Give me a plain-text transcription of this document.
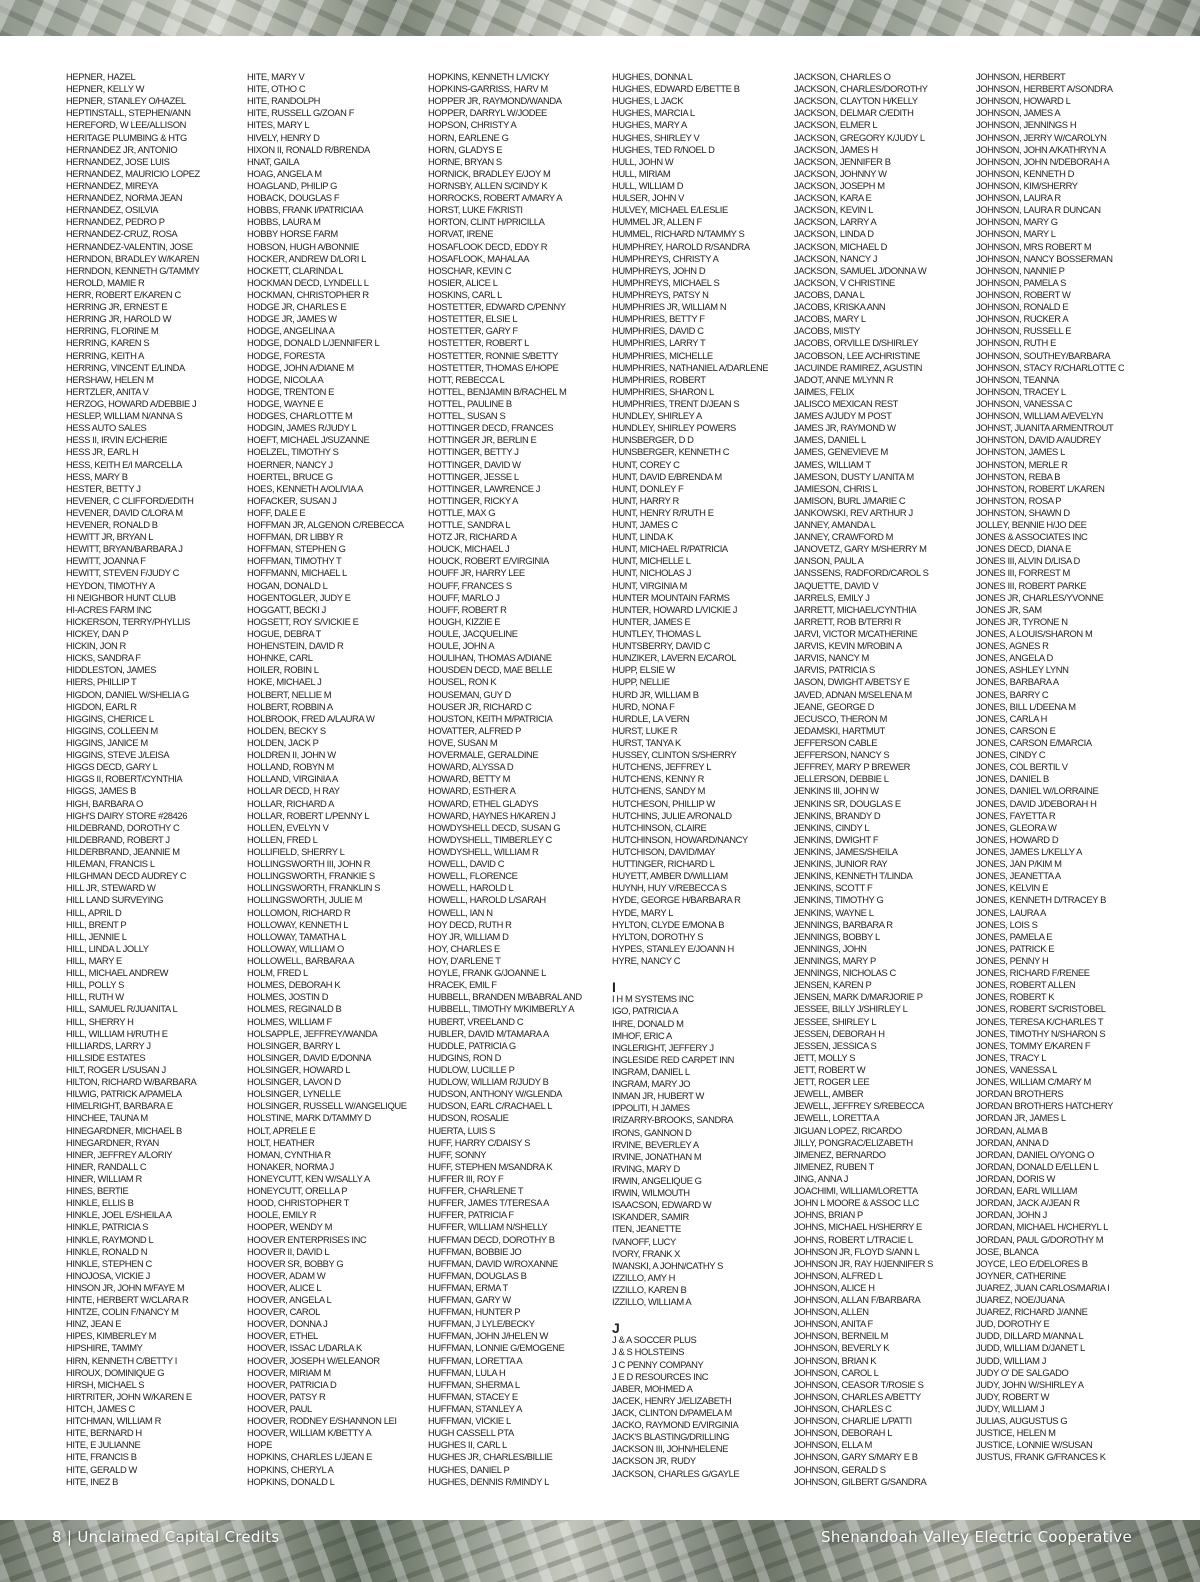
HEPNER, HAZEL
HEPNER, KELLY W
HEPNER, STANLEY O/HAZEL
HEPTINSTALL, STEPHEN/ANN
HEREFORD, W LEE/ALLISON
HERITAGE PLUMBING & HTG
HERNANDEZ JR, ANTONIO
HERNANDEZ, JOSE LUIS
HERNANDEZ, MAURICIO LOPEZ
HERNANDEZ, MIREYA
HERNANDEZ, NORMA JEAN
HERNANDEZ, OSILVIA
HERNANDEZ, PEDRO P
HERNANDEZ-CRUZ, ROSA
HERNANDEZ-VALENTIN, JOSE
HERNDON, BRADLEY W/KAREN
HERNDON, KENNETH G/TAMMY
HEROLD, MAMIE R
HERR, ROBERT E/KAREN C
HERRING JR, ERNEST E
HERRING JR, HAROLD W
HERRING, FLORINE M
HERRING, KAREN S
HERRING, KEITH A
HERRING, VINCENT E/LINDA
HERSHAW, HELEN M
HERTZLER, ANITA V
HERZOG, HOWARD A/DEBBIE J
HESLEP, WILLIAM N/ANNA S
HESS AUTO SALES
HESS II, IRVIN E/CHERIE
HESS JR, EARL H
HESS, KEITH E/I MARCELLA
HESS, MARY B
HESTER, BETTY J
HEVENER, C CLIFFORD/EDITH
HEVENER, DAVID C/LORA M
HEVENER, RONALD B
HEWITT JR, BRYAN L
HEWITT, BRYAN/BARBARA J
HEWITT, JOANNA F
HEWITT, STEVEN F/JUDY C
HEYDON, TIMOTHY A
HI NEIGHBOR HUNT CLUB
HI-ACRES FARM INC
HICKERSON, TERRY/PHYLLIS
HICKEY, DAN P
HICKIN, JON R
HICKS, SANDRA F
HIDDLESTON, JAMES
HIERS, PHILLIP T
HIGDON, DANIEL W/SHELIA G
HIGDON, EARL R
HIGGINS, CHERICE L
HIGGINS, COLLEEN M
HIGGINS, JANICE M
HIGGINS, STEVE J/LEISA
HIGGS DECD, GARY L
HIGGS II, ROBERT/CYNTHIA
HIGGS, JAMES B
HIGH, BARBARA O
HIGH'S DAIRY STORE #28426
HILDEBRAND, DOROTHY C
HILDEBRAND, ROBERT J
HILDERBRAND, JEANNIE M
HILEMAN, FRANCIS L
HILGHMAN DECD AUDREY C
HILL JR, STEWARD W
HILL LAND SURVEYING
HILL, APRIL D
HILL, BRENT P
HILL, JENNIE L
HILL, LINDA L JOLLY
HILL, MARY E
HILL, MICHAEL ANDREW
HILL, POLLY S
HILL, RUTH W
HILL, SAMUEL R/JUANITA L
HILL, SHERRY H
HILL, WILLIAM H/RUTH E
HILLIARDS, LARRY J
HILLSIDE ESTATES
HILT, ROGER L/SUSAN J
HILTON, RICHARD W/BARBARA
HILWIG, PATRICK A/PAMELA
HIMELRIGHT, BARBARA E
HINCHEE, TAUNA M
HINEGARDNER, MICHAEL B
HINEGARDNER, RYAN
HINER, JEFFREY A/LORIY
HINER, RANDALL C
HINER, WILLIAM R
HINES, BERTIE
HINKLE, ELLIS B
HINKLE, JOEL E/SHEILA A
HINKLE, PATRICIA S
HINKLE, RAYMOND L
HINKLE, RONALD N
HINKLE, STEPHEN C
HINOJOSA, VICKIE J
HINSON JR, JOHN M/FAYE M
HINTE, HERBERT W/CLARA R
HINTZE, COLIN F/NANCY M
HINZ, JEAN E
HIPES, KIMBERLEY M
HIPSHIRE, TAMMY
HIRN, KENNETH C/BETTY I
HIROUX, DOMINIQUE G
HIRSH, MICHAEL S
HIRTRITER, JOHN W/KAREN E
HITCH, JAMES C
HITCHMAN, WILLIAM R
HITE, BERNARD H
HITE, E JULIANNE
HITE, FRANCIS B
HITE, GERALD W
HITE, INEZ B
HITE, MARY V
HITE, OTHO C
HITE, RANDOLPH
HITE, RUSSELL G/ZOAN F
HITES, MARY L
HIVELY, HENRY D
HIXON II, RONALD R/BRENDA
HNAT, GAILA
HOAG, ANGELA M
HOAGLAND, PHILIP G
HOBACK, DOUGLAS F
HOBBS, FRANK I/PATRICIAA
HOBBS, LAURA M
HOBBY HORSE FARM
HOBSON, HUGH A/BONNIE
HOCKER, ANDREW D/LORI L
HOCKETT, CLARINDA L
HOCKMAN DECD, LYNDELL L
HOCKMAN, CHRISTOPHER R
HODGE JR, CHARLES E
HODGE JR, JAMES W
HODGE, ANGELINA A
HODGE, DONALD L/JENNIFER L
HODGE, FORESTA
HODGE, JOHN A/DIANE M
HODGE, NICOLA A
HODGE, TRENTON E
HODGE, WAYNE E
HODGES, CHARLOTTE M
HODGIN, JAMES R/JUDY L
HOEFT, MICHAEL J/SUZANNE
HOELZEL, TIMOTHY S
HOERNER, NANCY J
HOERTEL, BRUCE G
HOES, KENNETH A/OLIVIA A
HOFACKER, SUSAN J
HOFF, DALE E
HOFFMAN JR, ALGENON C/REBECCA
HOFFMAN, DR LIBBY R
HOFFMAN, STEPHEN G
HOFFMAN, TIMOTHY T
HOFFMANN, MICHAEL L
HOGAN, DONALD L
HOGENTOGLER, JUDY E
HOGGATT, BECKI J
HOGSETT, ROY S/VICKIE E
HOGUE, DEBRA T
HOHENSTEIN, DAVID R
HOHNKE, CARL
HOILER, ROBIN L
HOKE, MICHAEL J
HOLBERT, NELLIE M
HOLBERT, ROBBIN A
HOLBROOK, FRED A/LAURA W
HOLDEN, BECKY S
HOLDEN, JACK P
HOLDREN II, JOHN W
HOLLAND, ROBYN M
HOLLAND, VIRGINIA A
HOLLAR DECD, H RAY
HOLLAR, RICHARD A
HOLLAR, ROBERT L/PENNY L
HOLLEN, EVELYN V
HOLLEN, FRED L
HOLLIFIELD, SHERRY L
HOLLINGSWORTH III, JOHN R
HOLLINGSWORTH, FRANKIE S
HOLLINGSWORTH, FRANKLIN S
HOLLINGSWORTH, JULIE M
HOLLOMON, RICHARD R
HOLLOWAY, KENNETH L
HOLLOWAY, TAMATHA L
HOLLOWAY, WILLIAM O
HOLLOWELL, BARBARA A
HOLM, FRED L
HOLMES, DEBORAH K
HOLMES, JOSTIN D
HOLMES, REGINALD B
HOLMES, WILLIAM F
HOLSAPPLE, JEFFREY/WANDA
HOLSINGER, BARRY L
HOLSINGER, DAVID E/DONNA
HOLSINGER, HOWARD L
HOLSINGER, LAVON D
HOLSINGER, LYNELLE
HOLSINGER, RUSSELL W/ANGELIQUE
HOLSTINE, MARK D/TAMMY D
HOLT, APRELE E
HOLT, HEATHER
HOMAN, CYNTHIA R
HONAKER, NORMA J
HONEYCUTT, KEN W/SALLY A
HONEYCUTT, ORELLA P
HOOD, CHRISTOPHER T
HOOLE, EMILY R
HOOPER, WENDY M
HOOVER ENTERPRISES INC
HOOVER II, DAVID L
HOOVER SR, BOBBY G
HOOVER, ADAM W
HOOVER, ALICE L
HOOVER, ANGELA L
HOOVER, CAROL
HOOVER, DONNA J
HOOVER, ETHEL
HOOVER, ISSAC L/DARLA K
HOOVER, JOSEPH W/ELEANOR
HOOVER, MIRIAM M
HOOVER, PATRICIA D
HOOVER, PATSY R
HOOVER, PAUL
HOOVER, RODNEY E/SHANNON LEI
HOOVER, WILLIAM K/BETTY A
HOPE
HOPKINS, CHARLES L/JEAN E
HOPKINS, CHERYL A
HOPKINS, DONALD L
HOPKINS, KENNETH L/VICKY
HOPKINS-GARRISS, HARV M
HOPPER JR, RAYMOND/WANDA
HOPPER, DARRYL W/JODEE
HOPSON, CHRISTY A
HORN, EARLENE G
HORN, GLADYS E
HORNE, BRYAN S
HORNICK, BRADLEY E/JOY M
HORNSBY, ALLEN S/CINDY K
HORROCKS, ROBERT A/MARY A
HORST, LUKE F/KRISTI
HORTON, CLINT H/PRICILLA
HORVAT, IRENE
HOSAFLOOK DECD, EDDY R
HOSAFLOOK, MAHALAA
HOSCHAR, KEVIN C
HOSIER, ALICE L
HOSKINS, CARL L
HOSTETTER, EDWARD C/PENNY
HOSTETTER, ELSIE L
HOSTETTER, GARY F
HOSTETTER, ROBERT L
HOSTETTER, RONNIE S/BETTY
HOSTETTER, THOMAS E/HOPE
HOTT, REBECCA L
HOTTEL, BENJAMIN B/RACHEL M
HOTTEL, PAULINE B
HOTTEL, SUSAN S
HOTTINGER DECD, FRANCES
HOTTINGER JR, BERLIN E
HOTTINGER, BETTY J
HOTTINGER, DAVID W
HOTTINGER, JESSE L
HOTTINGER, LAWRENCE J
HOTTINGER, RICKY A
HOTTLE, MAX G
HOTTLE, SANDRA L
HOTZ JR, RICHARD A
HOUCK, MICHAEL J
HOUCK, ROBERT E/VIRGINIA
HOUFF JR, HARRY LEE
HOUFF, FRANCES S
HOUFF, MARLO J
HOUFF, ROBERT R
HOUGH, KIZZIE E
HOULE, JACQUELINE
HOULE, JOHN A
HOULIHAN, THOMAS A/DIANE
HOUSDEN DECD, MAE BELLE
HOUSEL, RON K
HOUSEMAN, GUY D
HOUSER JR, RICHARD C
HOUSTON, KEITH M/PATRICIA
HOVATTER, ALFRED P
HOVE, SUSAN M
HOVERMALE, GERALDINE
HOWARD, ALYSSA D
HOWARD, BETTY M
HOWARD, ESTHER A
HOWARD, ETHEL GLADYS
HOWARD, HAYNES H/KAREN J
HOWDYSHELL DECD, SUSAN G
HOWDYSHELL, TIMBERLEY C
HOWDYSHELL, WILLIAM R
HOWELL, DAVID C
HOWELL, FLORENCE
HOWELL, HAROLD L
HOWELL, HAROLD L/SARAH
HOWELL, IAN N
HOY DECD, RUTH R
HOY JR, WILLIAM D
HOY, CHARLES E
HOY, D'ARLENE T
HOYLE, FRANK G/JOANNE L
HRACEK, EMIL F
HUBBELL, BRANDEN M/BABRAL AND
HUBBELL, TIMOTHY M/KIMBERLY A
HUBERT, VREELAND C
HUBLER, DAVID M/TAMARA A
HUDDLE, PATRICIA G
HUDGINS, RON D
HUDLOW, LUCILLE P
HUDLOW, WILLIAM R/JUDY B
HUDSON, ANTHONY W/GLENDA
HUDSON, EARL C/RACHAEL L
HUDSON, ROSALIE
HUERTA, LUIS S
HUFF, HARRY C/DAISY S
HUFF, SONNY
HUFF, STEPHEN M/SANDRA K
HUFFER III, ROY F
HUFFER, CHARLENE T
HUFFER, JAMES T/TERESA A
HUFFER, PATRICIA F
HUFFER, WILLIAM N/SHELLY
HUFFMAN DECD, DOROTHY B
HUFFMAN, BOBBIE JO
HUFFMAN, DAVID W/ROXANNE
HUFFMAN, DOUGLAS B
HUFFMAN, ERMA T
HUFFMAN, GARY W
HUFFMAN, HUNTER P
HUFFMAN, J LYLE/BECKY
HUFFMAN, JOHN J/HELEN W
HUFFMAN, LONNIE G/EMOGENE
HUFFMAN, LORETTA A
HUFFMAN, LULA H
HUFFMAN, SHERMA L
HUFFMAN, STACEY E
HUFFMAN, STANLEY A
HUFFMAN, VICKIE L
HUGH CASSELL PTA
HUGHES II, CARL L
HUGHES JR, CHARLES/BILLIE
HUGHES, DANIEL P
HUGHES, DENNIS R/MINDY L
HUGHES, DONNA L
HUGHES, EDWARD E/BETTE B
HUGHES, L JACK
HUGHES, MARCIA L
HUGHES, MARY A
HUGHES, SHIRLEY V
HUGHES, TED R/NOEL D
HULL, JOHN W
HULL, MIRIAM
HULL, WILLIAM D
HULSER, JOHN V
HULVEY, MICHAEL E/LESLIE
HUMMEL JR, ALLEN F
HUMMEL, RICHARD N/TAMMY S
HUMPHREY, HAROLD R/SANDRA
HUMPHREYS, CHRISTY A
HUMPHREYS, JOHN D
HUMPHREYS, MICHAEL S
HUMPHREYS, PATSY N
HUMPHRIES JR, WILLIAM N
HUMPHRIES, BETTY F
HUMPHRIES, DAVID C
HUMPHRIES, LARRY T
HUMPHRIES, MICHELLE
HUMPHRIES, NATHANIEL A/DARLENE
HUMPHRIES, ROBERT
HUMPHRIES, SHARON L
HUMPHRIES, TRENT D/JEAN S
HUNDLEY, SHIRLEY A
HUNDLEY, SHIRLEY POWERS
HUNSBERGER, D D
HUNSBERGER, KENNETH C
HUNT, COREY C
HUNT, DAVID E/BRENDA M
HUNT, DONLEY F
HUNT, HARRY R
HUNT, HENRY R/RUTH E
HUNT, JAMES C
HUNT, LINDA K
HUNT, MICHAEL R/PATRICIA
HUNT, MICHELLE L
HUNT, NICHOLAS J
HUNT, VIRGINIA M
HUNTER MOUNTAIN FARMS
HUNTER, HOWARD L/VICKIE J
HUNTER, JAMES E
HUNTLEY, THOMAS L
HUNTSBERRY, DAVID C
HUNZIKER, LAVERN E/CAROL
HUPP, ELSIE W
HUPP, NELLIE
HURD JR, WILLIAM B
HURD, NONA F
HURDLE, LA VERN
HURST, LUKE R
HURST, TANYA K
HUSSEY, CLINTON S/SHERRY
HUTCHENS, JEFFREY L
HUTCHENS, KENNY R
HUTCHENS, SANDY M
HUTCHESON, PHILLIP W
HUTCHINS, JULIE A/RONALD
HUTCHINSON, CLAIRE
HUTCHINSON, HOWARD/NANCY
HUTCHISON, DAVID/MAY
HUTTINGER, RICHARD L
HUYETT, AMBER D/WILLIAM
HUYNH, HUY V/REBECCA S
HYDE, GEORGE H/BARBARA R
HYDE, MARY L
HYLTON, CLYDE E/MONA B
HYLTON, DOROTHY S
HYPES, STANLEY E/JOANN H
HYRE, NANCY C
I
I H M SYSTEMS INC
IGO, PATRICIA A
IHRE, DONALD M
IMHOF, ERIC A
INGLERIGHT, JEFFERY J
INGLESIDE RED CARPET INN
INGRAM, DANIEL L
INGRAM, MARY JO
INMAN JR, HUBERT W
IPPOLITI, H JAMES
IRIZARRY-BROOKS, SANDRA
IRONS, GANNON D
IRVINE, BEVERLEY A
IRVINE, JONATHAN M
IRVING, MARY D
IRWIN, ANGELIQUE G
IRWIN, WILMOUTH
ISAACSON, EDWARD W
ISKANDER, SAMIR
ITEN, JEANETTE
IVANOFF, LUCY
IVORY, FRANK X
IWANSKI, A JOHN/CATHY S
IZZILLO, AMY H
IZZILLO, KAREN B
IZZILLO, WILLIAM A
J
J & A SOCCER PLUS
J & S HOLSTEINS
J C PENNY COMPANY
J E D RESOURCES INC
JABER, MOHMED A
JACEK, HENRY J/ELIZABETH
JACK, CLINTON D/PAMELA M
JACKO, RAYMOND E/VIRGINIA
JACK'S BLASTING/DRILLING
JACKSON III, JOHN/HELENE
JACKSON JR, RUDY
JACKSON, CHARLES G/GAYLE
JACKSON, CHARLES O
JACKSON, CHARLES/DOROTHY
JACKSON, CLAYTON H/KELLY
JACKSON, DELMAR C/EDITH
JACKSON, ELMER L
JACKSON, GREGORY K/JUDY L
JACKSON, JAMES H
JACKSON, JENNIFER B
JACKSON, JOHNNY W
JACKSON, JOSEPH M
JACKSON, KARA E
JACKSON, KEVIN L
JACKSON, LARRY A
JACKSON, LINDA D
JACKSON, MICHAEL D
JACKSON, NANCY J
JACKSON, SAMUEL J/DONNA W
JACKSON, V CHRISTINE
JACOBS, DANA L
JACOBS, KRISKA ANN
JACOBS, MARY L
JACOBS, MISTY
JACOBS, ORVILLE D/SHIRLEY
JACOBSON, LEE A/CHRISTINE
JACUINDE RAMIREZ, AGUSTIN
JADOT, ANNE M/LYNN R
JAIMES, FELIX
JALISCO MEXICAN REST
JAMES A/JUDY M POST
JAMES JR, RAYMOND W
JAMES, DANIEL L
JAMES, GENEVIEVE M
JAMES, WILLIAM T
JAMESON, DUSTY L/ANITA M
JAMIESON, CHRIS L
JAMISON, BURL J/MARIE C
JANKOWSKI, REV ARTHUR J
JANNEY, AMANDA L
JANNEY, CRAWFORD M
JANOVETZ, GARY M/SHERRY M
JANSON, PAUL A
JANSSENS, RADFORD/CAROL S
JAQUETTE, DAVID V
JARRELS, EMILY J
JARRETT, MICHAEL/CYNTHIA
JARRETT, ROB B/TERRI R
JARVI, VICTOR M/CATHERINE
JARVIS, KEVIN M/ROBIN A
JARVIS, NANCY M
JARVIS, PATRICIA S
JASON, DWIGHT A/BETSY E
JAVED, ADNAN M/SELENA M
JEANE, GEORGE D
JECUSCO, THERON M
JEDAMSKI, HARTMUT
JEFFERSON CABLE
JEFFERSON, NANCY S
JEFFREY, MARY P BREWER
JELLERSON, DEBBIE L
JENKINS III, JOHN W
JENKINS SR, DOUGLAS E
JENKINS, BRANDY D
JENKINS, CINDY L
JENKINS, DWIGHT F
JENKINS, JAMES/SHEILA
JENKINS, JUNIOR RAY
JENKINS, KENNETH T/LINDA
JENKINS, SCOTT F
JENKINS, TIMOTHY G
JENKINS, WAYNE L
JENNINGS, BARBARA R
JENNINGS, BOBBY L
JENNINGS, JOHN
JENNINGS, MARY P
JENNINGS, NICHOLAS C
JENSEN, KAREN P
JENSEN, MARK D/MARJORIE P
JESSEE, BILLY J/SHIRLEY L
JESSEE, SHIRLEY L
JESSEN, DEBORAH H
JESSEN, JESSICA S
JETT, MOLLY S
JETT, ROBERT W
JETT, ROGER LEE
JEWELL, AMBER
JEWELL, JEFFREY S/REBECCA
JEWELL, LORETTA A
JIGUAN LOPEZ, RICARDO
JILLY, PONGRAC/ELIZABETH
JIMENEZ, BERNARDO
JIMENEZ, RUBEN T
JING, ANNA J
JOACHIMI, WILLIAM/LORETTA
JOHN L MOORE & ASSOC LLC
JOHNS, BRIAN P
JOHNS, MICHAEL H/SHERRY E
JOHNS, ROBERT L/TRACIE L
JOHNSON JR, FLOYD S/ANN L
JOHNSON JR, RAY H/JENNIFER S
JOHNSON, ALFRED L
JOHNSON, ALICE H
JOHNSON, ALLAN F/BARBARA
JOHNSON, ALLEN
JOHNSON, ANITA F
JOHNSON, BERNEIL M
JOHNSON, BEVERLY K
JOHNSON, BRIAN K
JOHNSON, CAROL L
JOHNSON, CEASOR T/ROSIE S
JOHNSON, CHARLES A/BETTY
JOHNSON, CHARLES C
JOHNSON, CHARLIE L/PATTI
JOHNSON, DEBORAH L
JOHNSON, ELLA M
JOHNSON, GARY S/MARY E B
JOHNSON, GERALD S
JOHNSON, GILBERT G/SANDRA
JOHNSON, HERBERT
JOHNSON, HERBERT A/SONDRA
JOHNSON, HOWARD L
JOHNSON, JAMES A
JOHNSON, JENNINGS H
JOHNSON, JERRY W/CAROLYN
JOHNSON, JOHN A/KATHRYN A
JOHNSON, JOHN N/DEBORAH A
JOHNSON, KENNETH D
JOHNSON, KIM/SHERRY
JOHNSON, LAURA R
JOHNSON, LAURA R DUNCAN
JOHNSON, MARY G
JOHNSON, MARY L
JOHNSON, MRS ROBERT M
JOHNSON, NANCY BOSSERMAN
JOHNSON, NANNIE P
JOHNSON, PAMELA S
JOHNSON, ROBERT W
JOHNSON, RONALD E
JOHNSON, RUCKER A
JOHNSON, RUSSELL E
JOHNSON, RUTH E
JOHNSON, SOUTHEY/BARBARA
JOHNSON, STACY R/CHARLOTTE C
JOHNSON, TEANNA
JOHNSON, TRACEY L
JOHNSON, VANESSA C
JOHNSON, WILLIAM A/EVELYN
JOHNST, JUANITA ARMENTROUT
JOHNSTON, DAVID A/AUDREY
JOHNSTON, JAMES L
JOHNSTON, MERLE R
JOHNSTON, REBA B
JOHNSTON, ROBERT L/KAREN
JOHNSTON, ROSA P
JOHNSTON, SHAWN D
JOLLEY, BENNIE H/JO DEE
JONES & ASSOCIATES INC
JONES DECD, DIANA E
JONES III, ALVIN D/LISA D
JONES III, FORREST M
JONES III, ROBERT PARKE
JONES JR, CHARLES/YVONNE
JONES JR, SAM
JONES JR, TYRONE N
JONES, A LOUIS/SHARON M
JONES, AGNES R
JONES, ANGELA D
JONES, ASHLEY LYNN
JONES, BARBARA A
JONES, BARRY C
JONES, BILL L/DEENA M
JONES, CARLA H
JONES, CARSON E
JONES, CARSON E/MARCIA
JONES, CINDY C
JONES, COL BERTIL V
JONES, DANIEL B
JONES, DANIEL W/LORRAINE
JONES, DAVID J/DEBORAH H
JONES, FAYETTA R
JONES, GLEORA W
JONES, HOWARD D
JONES, JAMES L/KELLY A
JONES, JAN P/KIM M
JONES, JEANETTA A
JONES, KELVIN E
JONES, KENNETH D/TRACEY B
JONES, LAURA A
JONES, LOIS S
JONES, PAMELA E
JONES, PATRICK E
JONES, PENNY H
JONES, RICHARD F/RENEE
JONES, ROBERT ALLEN
JONES, ROBERT K
JONES, ROBERT S/CRISTOBEL
JONES, TERESA K/CHARLES T
JONES, TIMOTHY N/SHARON S
JONES, TOMMY E/KAREN F
JONES, TRACY L
JONES, VANESSA L
JONES, WILLIAM C/MARY M
JORDAN BROTHERS
JORDAN BROTHERS HATCHERY
JORDAN JR, JAMES L
JORDAN, ALMA B
JORDAN, ANNA D
JORDAN, DANIEL O/YONG O
JORDAN, DONALD E/ELLEN L
JORDAN, DORIS W
JORDAN, EARL WILLIAM
JORDAN, JACK A/JEAN R
JORDAN, JOHN J
JORDAN, MICHAEL H/CHERYL L
JORDAN, PAUL G/DOROTHY M
JOSE, BLANCA
JOYCE, LEO E/DELORES B
JOYNER, CATHERINE
JUAREZ, JUAN CARLOS/MARIA I
JUAREZ, NOE/JUANA
JUAREZ, RICHARD J/ANNE
JUD, DOROTHY E
JUDD, DILLARD M/ANNA L
JUDD, WILLIAM D/JANET L
JUDD, WILLIAM J
JUDY O' DE SALGADO
JUDY, JOHN W/SHIRLEY A
JUDY, ROBERT W
JUDY, WILLIAM J
JULIAS, AUGUSTUS G
JUSTICE, HELEN M
JUSTICE, LONNIE W/SUSAN
JUSTUS, FRANK G/FRANCES K
8 | Unclaimed Capital Credits	Shenandoah Valley Electric Cooperative
